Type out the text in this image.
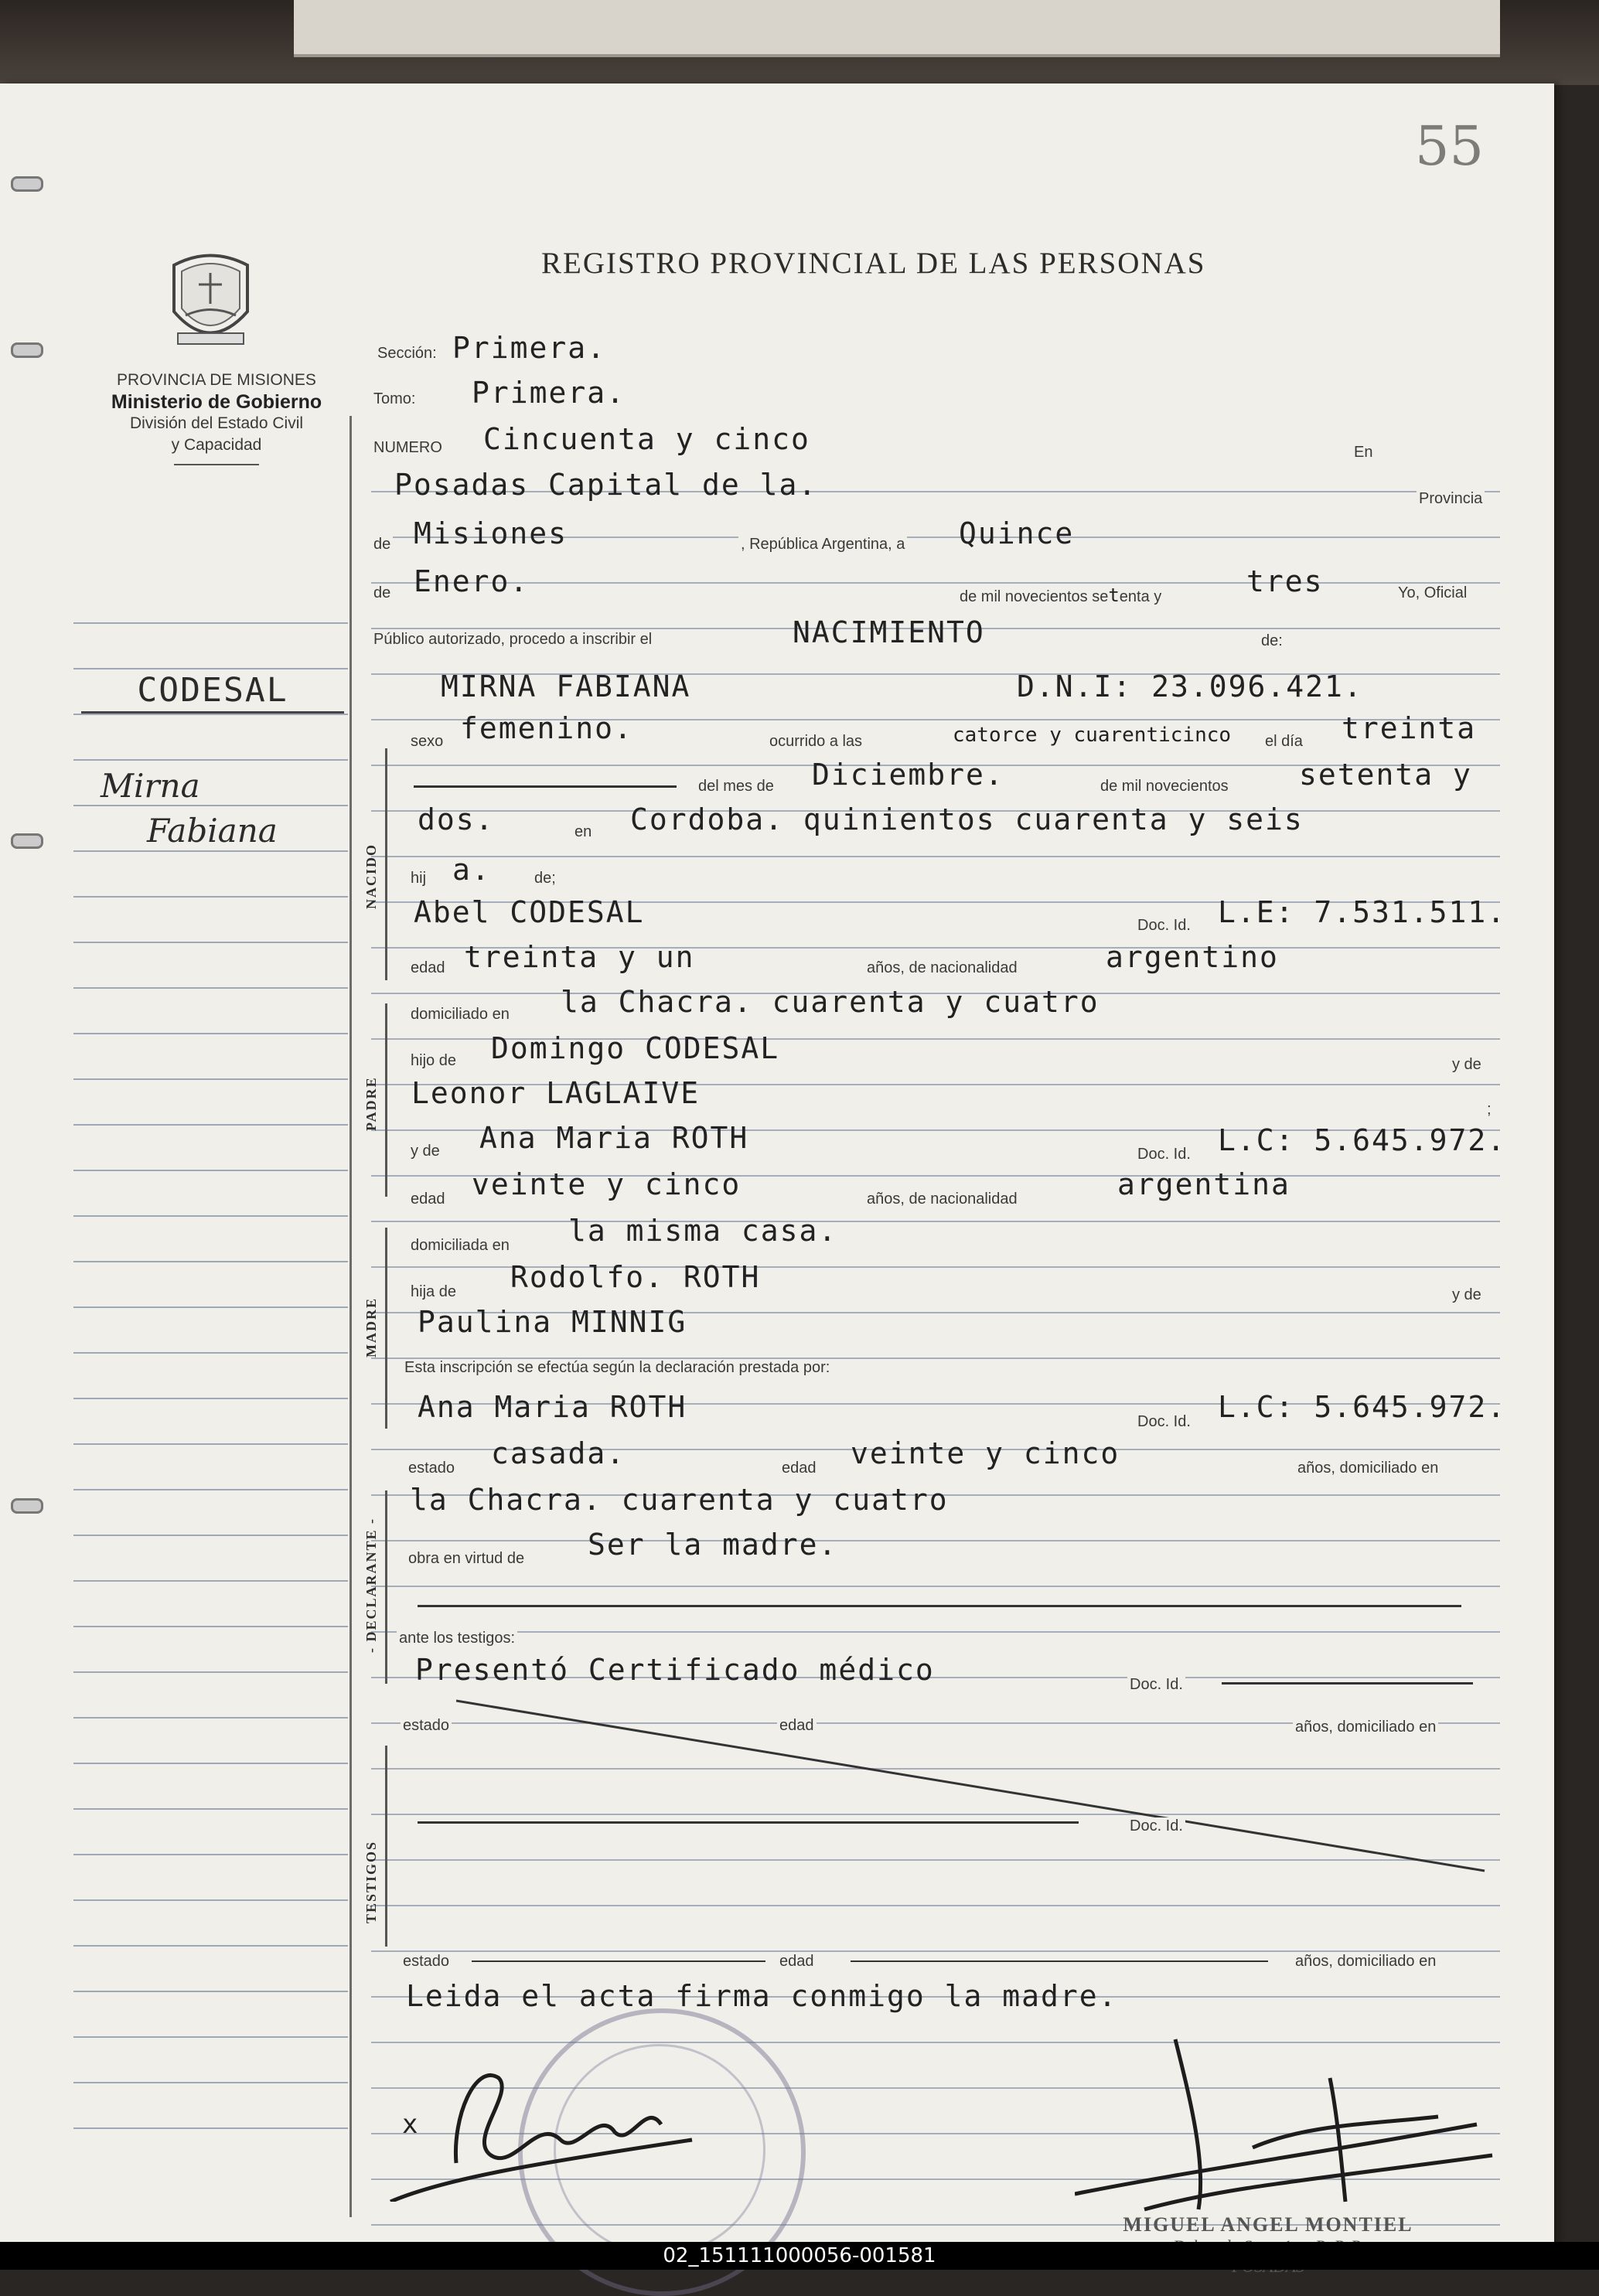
55
REGISTRO PROVINCIAL DE LAS PERSONAS
PROVINCIA DE MISIONES
Ministerio de Gobierno
División del Estado Civil
y Capacidad
CODESAL
Mirna
Fabiana
NACIDO
PADRE
MADRE
- DECLARANTE -
TESTIGOS
Sección: Primera.
Tomo: Primera.
NUMERO Cincuenta y cinco	En
Posadas Capital de la.	Provincia
de Misiones	, República Argentina, a Quince
de Enero.	de mil novecientos setenta y	tres	Yo, Oficial
Público autorizado, procedo a inscribir el	NACIMIENTO	de:
MIRNA FABIANA	D.N.I: 23.096.421.
sexo femenino.	ocurrido a las	catorce y cuarenticinco el día treinta
del mes de Diciembre.	de mil novecientos setenta y
dos.	en Cordoba. quinientos cuarenta y seis
hij a.	de;
Abel CODESAL	Doc. Id. L.E: 7.531.511.
edad treinta y un	años, de nacionalidad	argentino
domiciliado en la Chacra. cuarenta y cuatro
hijo de Domingo CODESAL	y de
Leonor LAGLAIVE	;
y de Ana Maria ROTH	Doc. Id. L.C: 5.645.972.
edad veinte y cinco	años, de nacionalidad	argentina
domiciliada en la misma casa.
hija de Rodolfo. ROTH
y de
Paulina MINNIG
Esta inscripción se efectúa según la declaración prestada por:
Ana Maria ROTH	Doc. Id. L.C: 5.645.972.
estado casada.	edad veinte y cinco	años, domiciliado en
la Chacra. cuarenta y cuatro
obra en virtud de Ser la madre.
ante los testigos:
Presentó Certificado médico	Doc. Id.
estado	edad	años, domiciliado en
Doc. Id.
estado	edad	años, domiciliado en
Leida el acta firma conmigo la madre.
x
MIGUEL ANGEL MONTIEL
02_151111000056-001581
